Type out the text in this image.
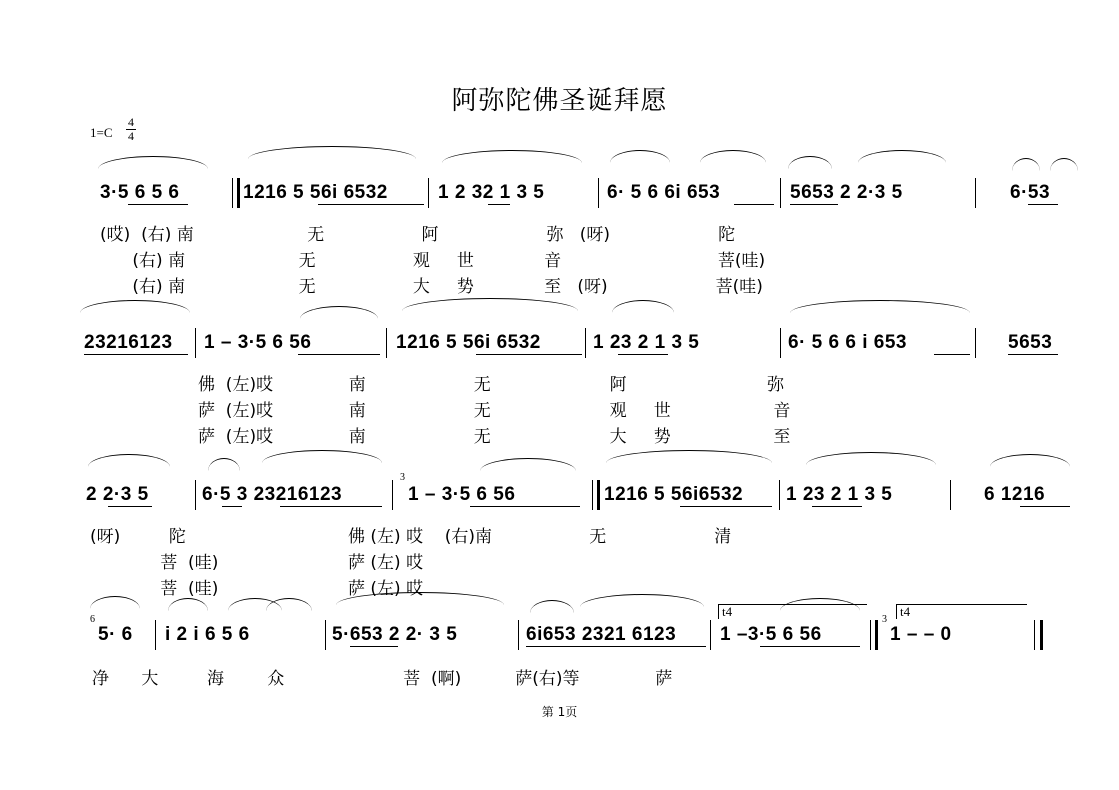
阿弥陀佛圣诞拜愿
1=C
4
4
3·5 6 5 6	1216 5 56i 6532	1 2 32 1 3 5	6· 5 6 6i 653	5653 2 2·3 5	6·53
(哎)  (右) 南                     无                  阿                    弥   (呀)                    陀
(右) 南                     无                  观     世             音                             菩(哇)
(右) 南                     无                  大     势             至   (呀)                    菩(哇)
23216123 1 – 3·5 6 56	1216 5 56i 6532	1 23 2 1 3 5	6· 5 6 6 i 653	5653
佛  (左)哎              南                    无                      阿                          弥
萨  (左)哎              南                    无                      观     世                   音
萨  (左)哎              南                    无                      大     势                   至
2 2·3 5	6·5 3 23216123
3
1 – 3·5 6 56	1216 5 56i6532 1 23 2 1 3 5	6 1216
(呀)         陀                              佛 (左) 哎    (右)南                  无                    清
菩  (哇)                        萨 (左) 哎
菩  (哇)                        萨 (左) 哎
t4	t4
6
5· 6 i 2 i 6 5 6	5·653 2 2· 3 5	6i653 2321 6123 1 –3·5 6 56
3
1 – – 0
净      大         海        众                      菩  (啊)          萨(右)等              萨
第 1页
